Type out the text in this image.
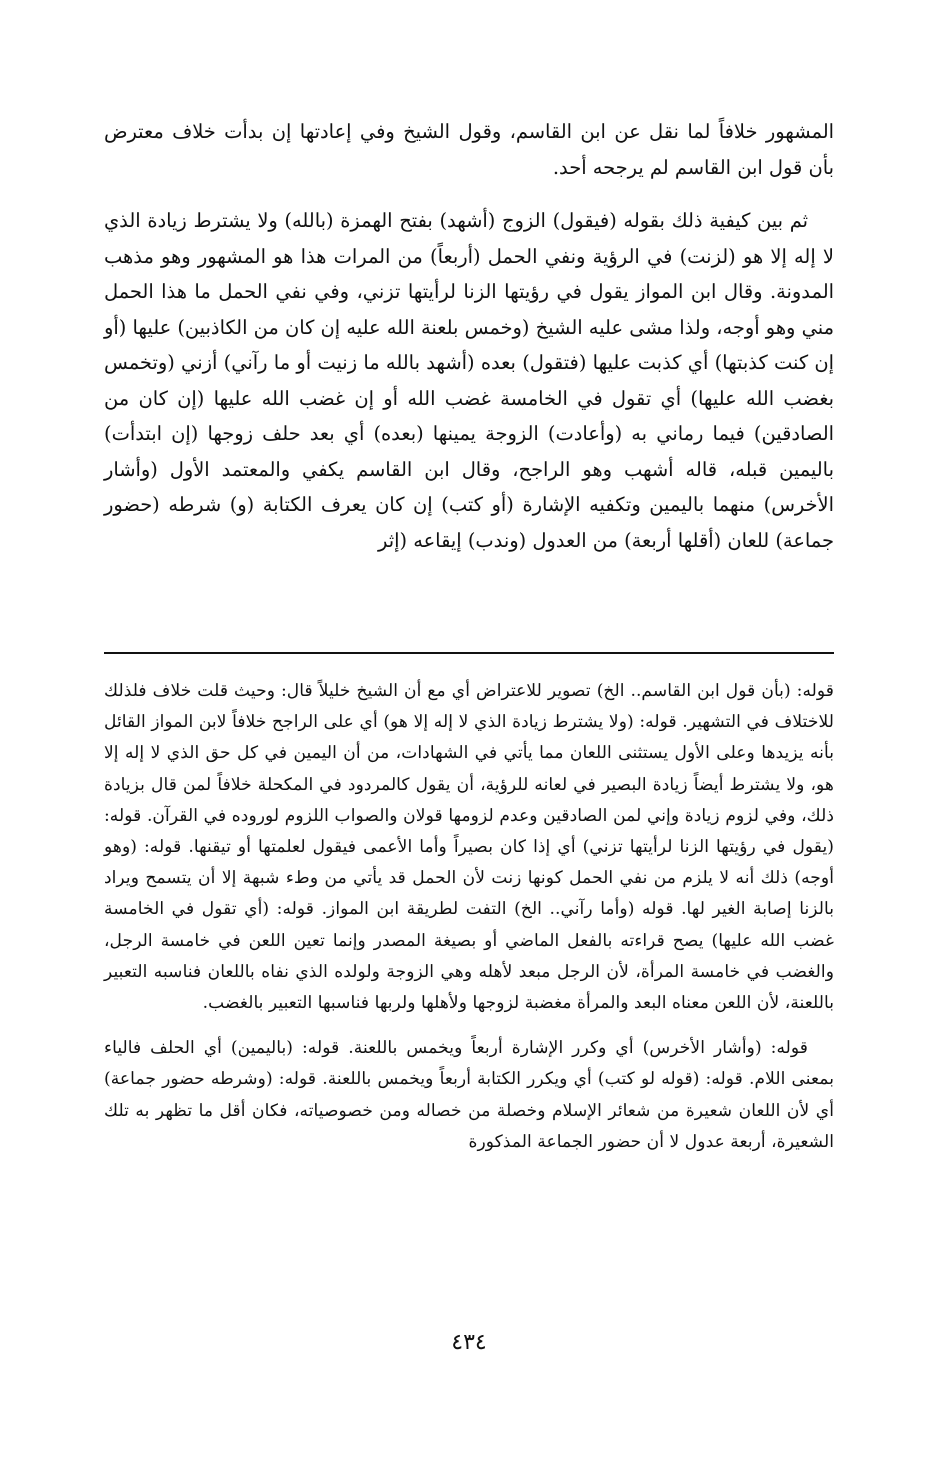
المشهور خلافاً لما نقل عن ابن القاسم، وقول الشيخ وفي إعادتها إن بدأت خلاف معترض بأن قول ابن القاسم لم يرجحه أحد.

ثم بين كيفية ذلك بقوله (فيقول) الزوج (أشهد) بفتح الهمزة (بالله) ولا يشترط زيادة الذي لا إله إلا هو (لزنت) في الرؤية ونفي الحمل (أربعاً) من المرات هذا هو المشهور وهو مذهب المدونة. وقال ابن المواز يقول في رؤيتها الزنا لرأيتها تزني، وفي نفي الحمل ما هذا الحمل مني وهو أوجه، ولذا مشى عليه الشيخ (وخمس بلعنة الله عليه إن كان من الكاذبين) عليها (أو إن كنت كذبتها) أي كذبت عليها (فتقول) بعده (أشهد بالله ما زنيت أو ما رآني) أزني (وتخمس بغضب الله عليها) أي تقول في الخامسة غضب الله أو إن غضب الله عليها (إن كان من الصادقين) فيما رماني به (وأعادت) الزوجة يمينها (بعده) أي بعد حلف زوجها (إن ابتدأت) باليمين قبله، قاله أشهب وهو الراجح، وقال ابن القاسم يكفي والمعتمد الأول (وأشار الأخرس) منهما باليمين وتكفيه الإشارة (أو كتب) إن كان يعرف الكتابة (و) شرطه (حضور جماعة) للعان (أقلها أربعة) من العدول (وندب) إيقاعه (إثر

قوله: (بأن قول ابن القاسم.. الخ) تصوير للاعتراض أي مع أن الشيخ خليلاً قال: وحيث قلت خلاف فلذلك للاختلاف في التشهير. قوله: (ولا يشترط زيادة الذي لا إله إلا هو) أي على الراجح خلافاً لابن المواز القائل بأنه يزيدها وعلى الأول يستثنى اللعان مما يأتي في الشهادات، من أن اليمين في كل حق الذي لا إله إلا هو، ولا يشترط أيضاً زيادة البصير في لعانه للرؤية، أن يقول كالمردود في المكحلة خلافاً لمن قال بزيادة ذلك، وفي لزوم زيادة وإني لمن الصادقين وعدم لزومها قولان والصواب اللزوم لوروده في القرآن. قوله: (يقول في رؤيتها الزنا لرأيتها تزني) أي إذا كان بصيراً وأما الأعمى فيقول لعلمتها أو تيقنها. قوله: (وهو أوجه) ذلك أنه لا يلزم من نفي الحمل كونها زنت لأن الحمل قد يأتي من وطء شبهة إلا أن يتسمح ويراد بالزنا إصابة الغير لها. قوله (وأما رآني.. الخ) التفت لطريقة ابن المواز. قوله: (أي تقول في الخامسة غضب الله عليها) يصح قراءته بالفعل الماضي أو بصيغة المصدر وإنما تعين اللعن في خامسة الرجل، والغضب في خامسة المرأة، لأن الرجل مبعد لأهله وهي الزوجة ولولده الذي نفاه باللعان فناسبه التعبير باللعنة، لأن اللعن معناه البعد والمرأة مغضبة لزوجها ولأهلها ولربها فناسبها التعبير بالغضب.

قوله: (وأشار الأخرس) أي وكرر الإشارة أربعاً ويخمس باللعنة. قوله: (باليمين) أي الحلف فالياء بمعنى اللام. قوله: (قوله لو كتب) أي ويكرر الكتابة أربعاً ويخمس باللعنة. قوله: (وشرطه حضور جماعة) أي لأن اللعان شعيرة من شعائر الإسلام وخصلة من خصاله ومن خصوصياته، فكان أقل ما تظهر به تلك الشعيرة، أربعة عدول لا أن حضور الجماعة المذكورة

٤٣٤
